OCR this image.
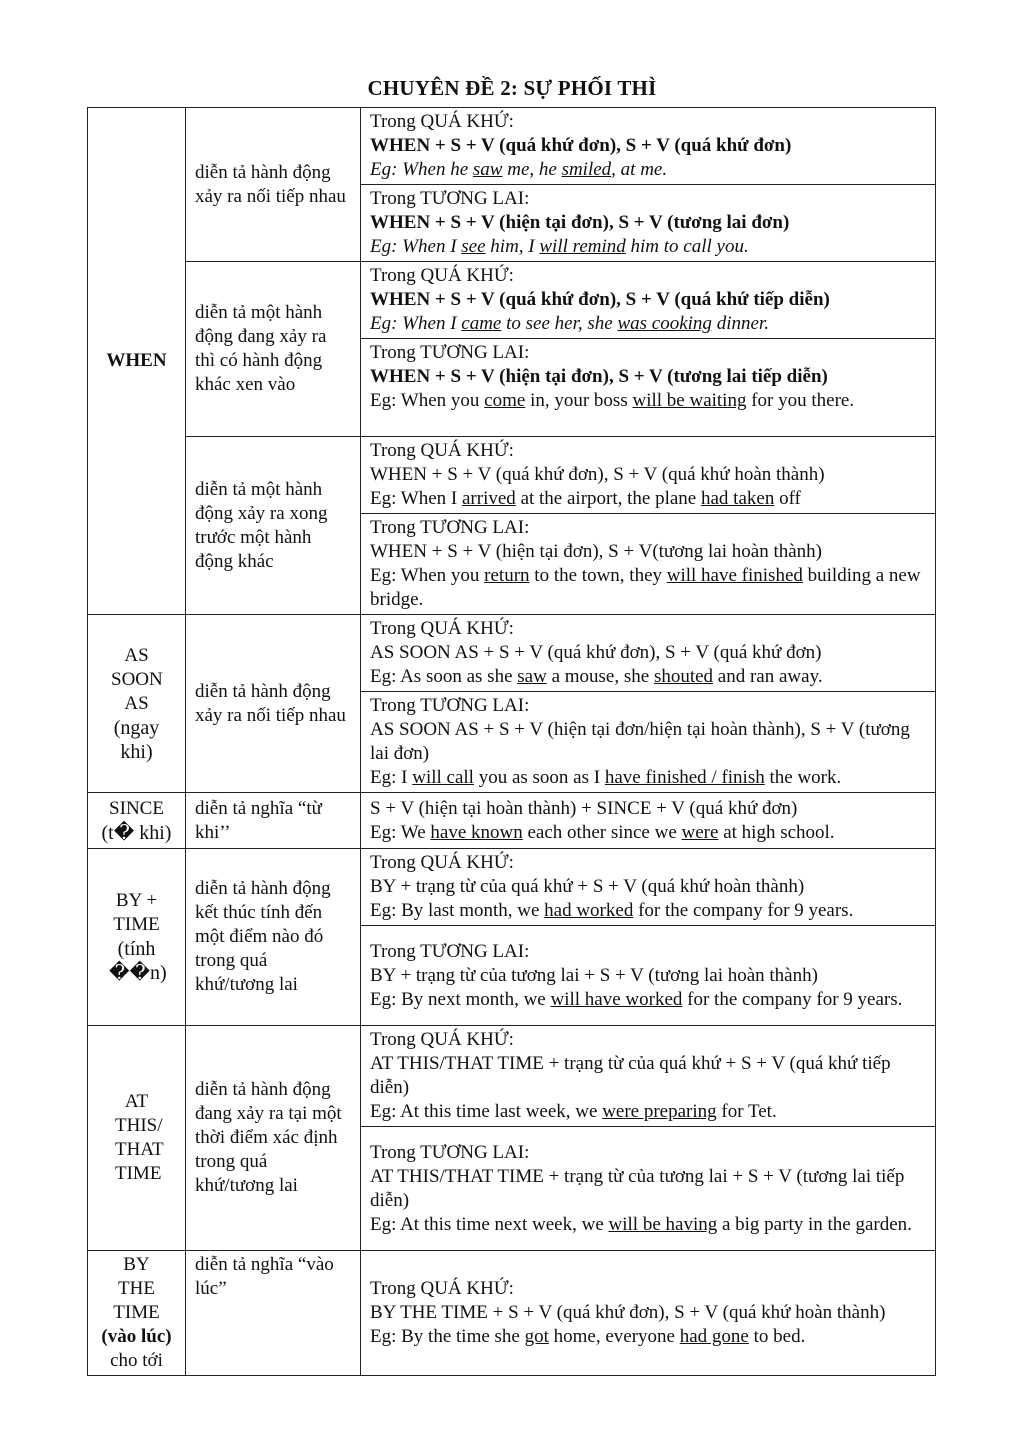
CHUYÊN ĐỀ 2: SỰ PHỐI THÌ
WHEN	diễn tả hành động xảy ra nối tiếp nhau	Trong QUÁ KHỨ:
WHEN + S + V (quá khứ đơn), S + V (quá khứ đơn)
Eg: When he saw me, he smiled, at me.

		Trong TƯƠNG LAI:
WHEN + S + V (hiện tại đơn), S + V (tương lai đơn)
Eg: When I see him, I will remind him to call you.

	diễn tả một hành động đang xảy ra thì có hành động khác xen vào	Trong QUÁ KHỨ:
WHEN + S + V (quá khứ đơn), S + V (quá khứ tiếp diễn)
Eg: When I came to see her, she was cooking dinner.

		Trong TƯƠNG LAI:
WHEN + S + V (hiện tại đơn), S + V (tương lai tiếp diễn)
Eg: When you come in, your boss will be waiting for you there.

	diễn tả một hành động xảy ra xong trước một hành động khác	Trong QUÁ KHỨ:
WHEN + S + V (quá khứ đơn), S + V (quá khứ hoàn thành)
Eg: When I arrived at the airport, the plane had taken off

		Trong TƯƠNG LAI:
WHEN + S + V (hiện tại đơn), S + V(tương lai hoàn thành)
Eg: When you return to the town, they will have finished building a new bridge.

AS SOON AS
(ngay khi)	diễn tả hành động xảy ra nối tiếp nhau	Trong QUÁ KHỨ:
AS SOON AS + S + V (quá khứ đơn), S + V (quá khứ đơn)
Eg: As soon as she saw a mouse, she shouted and ran away.

		Trong TƯƠNG LAI:
AS SOON AS + S + V (hiện tại đơn/hiện tại hoàn thành), S + V (tương lai đơn)
Eg: I will call you as soon as I have finished / finish the work.

SINCE
(t� khi)	diễn tả nghĩa “từ khi’’	S + V (hiện tại hoàn thành) + SINCE + V (quá khứ đơn)
Eg: We have known each other since we were at high school.

BY + TIME
(tính ��n)	diễn tả hành động kết thúc tính đến một điểm nào đó trong quá khứ/tương lai	Trong QUÁ KHỨ:
BY + trạng từ của quá khứ + S + V (quá khứ hoàn thành)
Eg: By last month, we had worked for the company for 9 years.

		Trong TƯƠNG LAI:
BY + trạng từ của tương lai + S + V (tương lai hoàn thành)
Eg: By next month, we will have worked for the company for 9 years.

AT THIS/ THAT TIME	diễn tả hành động đang xảy ra tại một thời điểm xác định trong quá khứ/tương lai	Trong QUÁ KHỨ:
AT THIS/THAT TIME + trạng từ của quá khứ + S + V (quá khứ tiếp diễn)
Eg: At this time last week, we were preparing for Tet.

		Trong TƯƠNG LAI:
AT THIS/THAT TIME + trạng từ của tương lai + S + V (tương lai tiếp diễn)
Eg: At this time next week, we will be having a big party in the garden.

BY THE TIME
(vào lúc)
cho tới	diễn tả nghĩa “vào lúc”	Trong QUÁ KHỨ:
BY THE TIME + S + V (quá khứ đơn), S + V (quá khứ hoàn thành)
Eg: By the time she got home, everyone had gone to bed.
